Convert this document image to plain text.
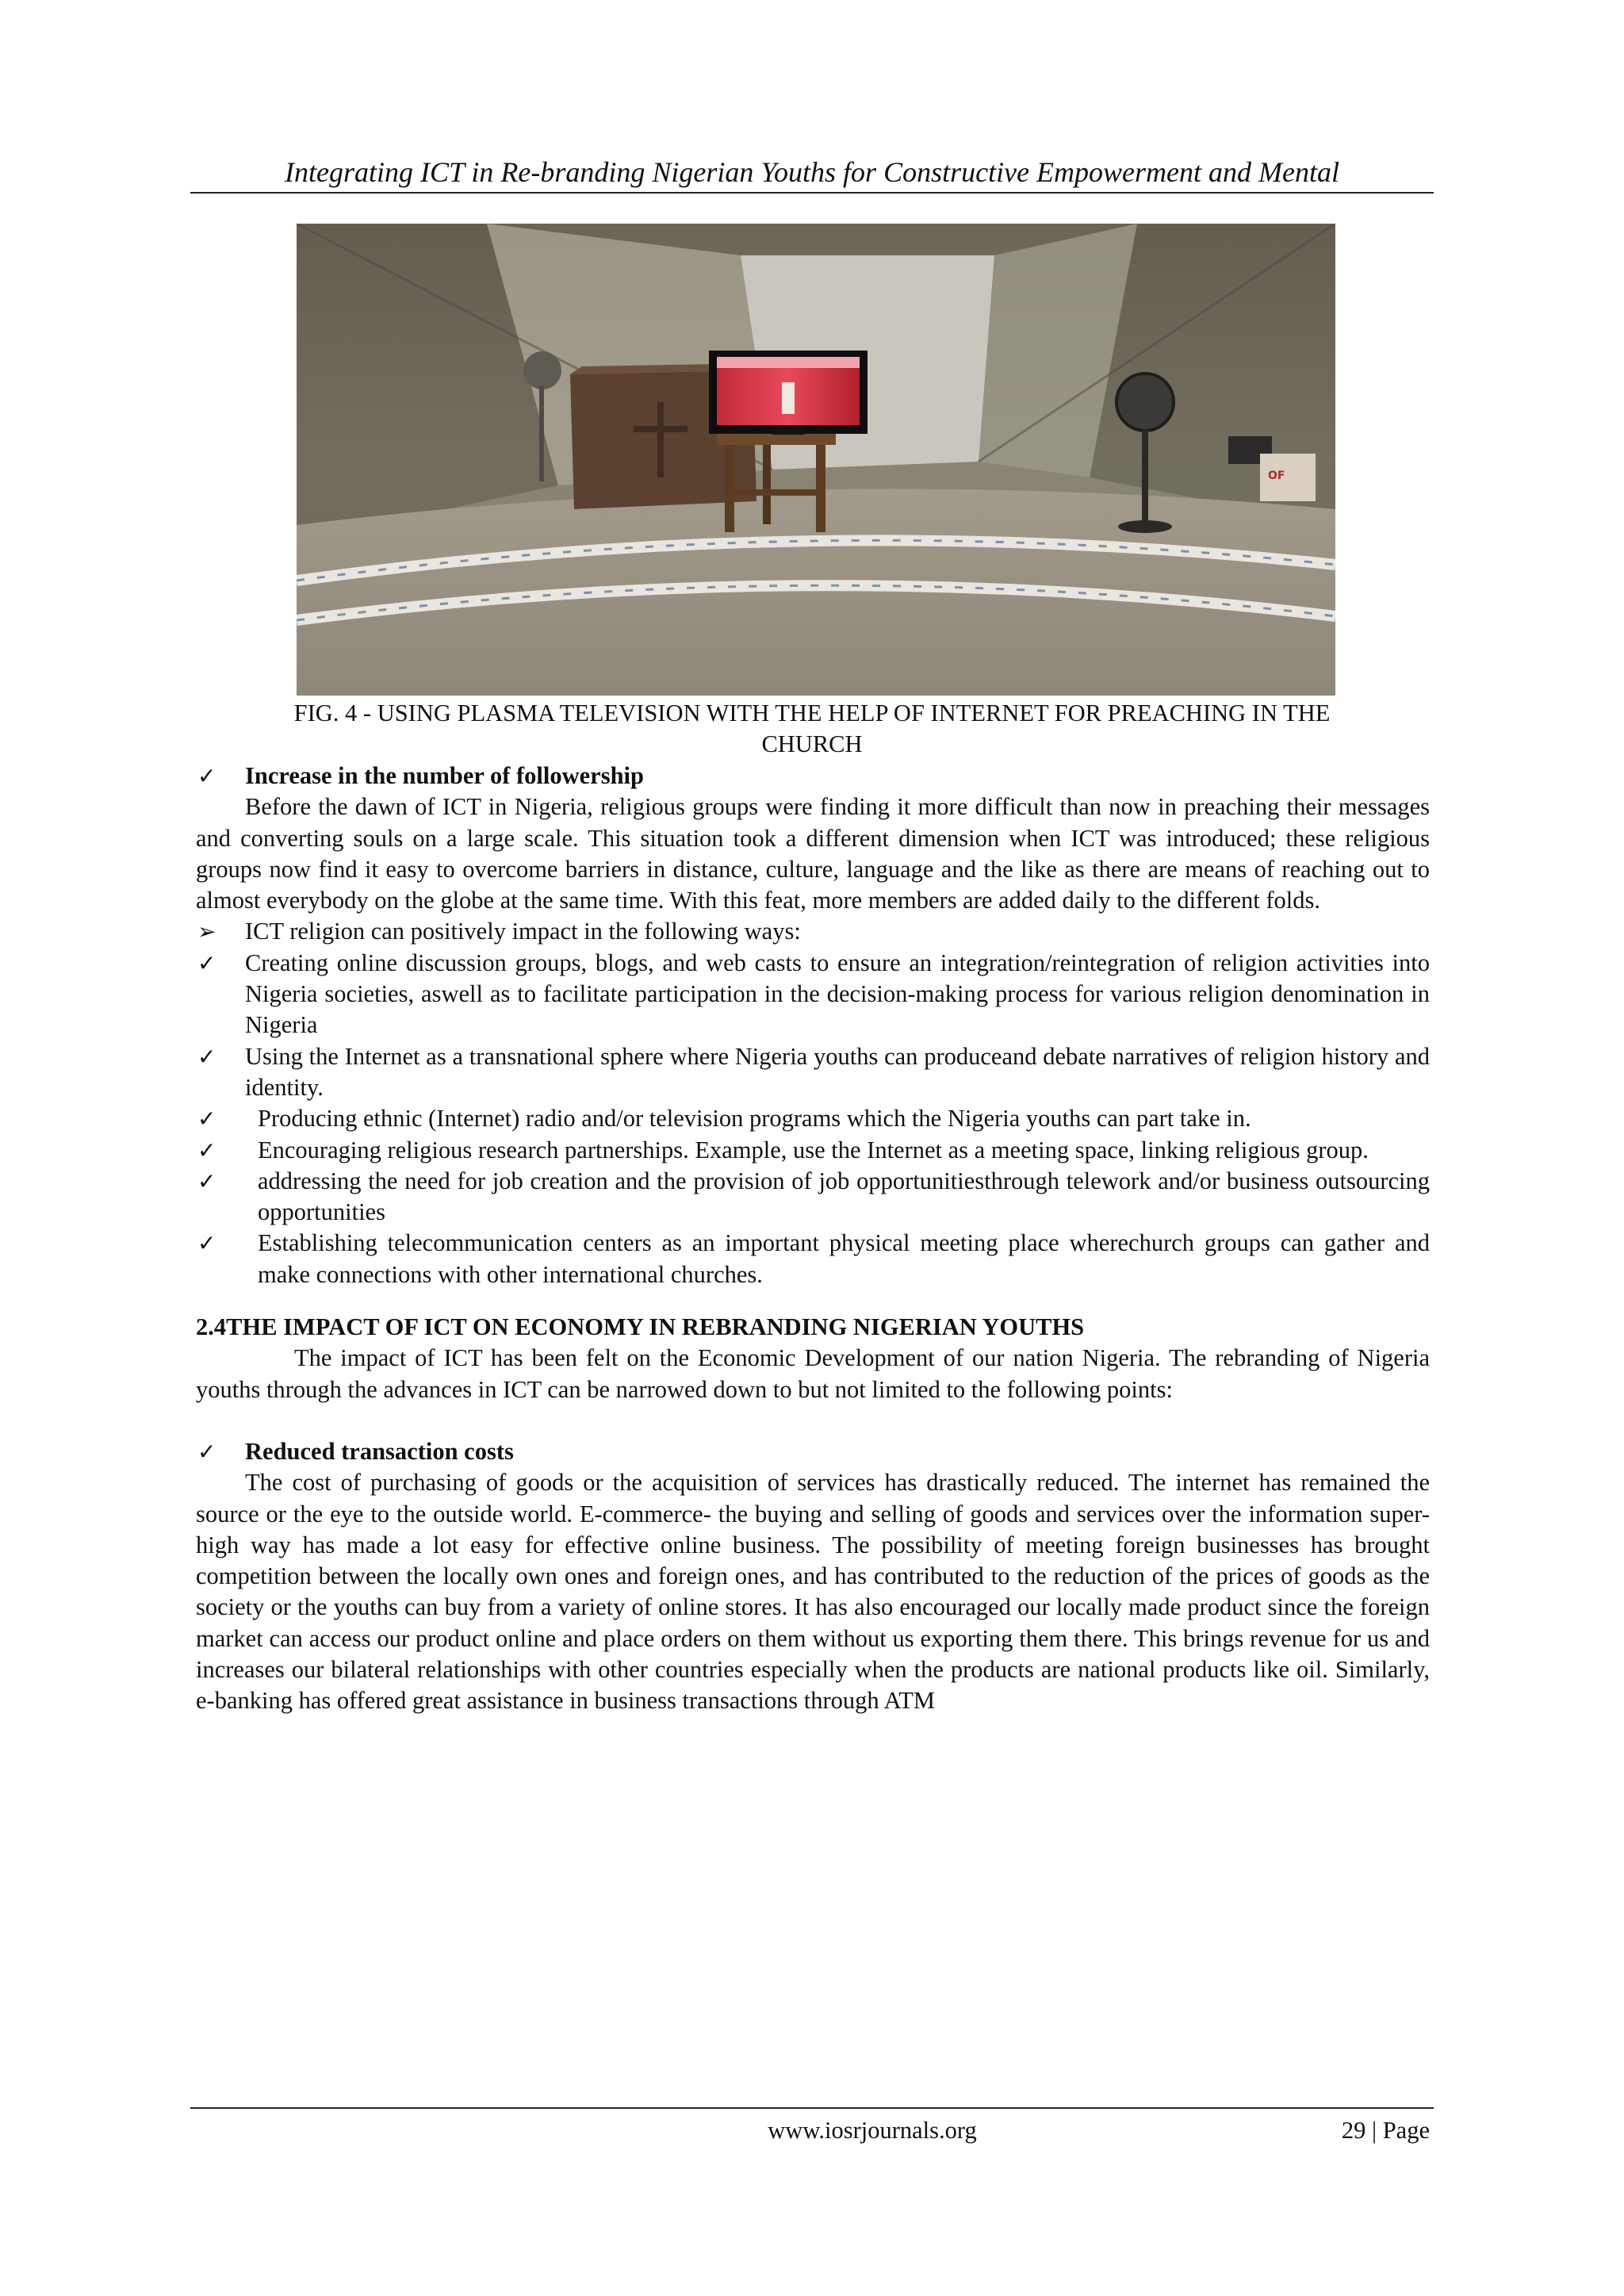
Integrating ICT in Re-branding Nigerian Youths for Constructive Empowerment and Mental
OF
FIG. 4 - USING PLASMA TELEVISION WITH THE HELP OF INTERNET FOR PREACHING IN THE
CHURCH
✓ Increase in the number of followership
Before the dawn of ICT in Nigeria, religious groups were finding it more difficult than now in preaching their messages and converting souls on a large scale. This situation took a different dimension when ICT was introduced; these religious groups now find it easy to overcome barriers in distance, culture, language and the like as there are means of reaching out to almost everybody on the globe at the same time. With this feat, more members are added daily to the different folds.
➢ ICT religion can positively impact in the following ways:
✓ Creating online discussion groups, blogs, and web casts to ensure an integration/reintegration of religion activities into Nigeria societies, aswell as to facilitate participation in the decision-making process for various religion denomination in Nigeria
✓ Using the Internet as a transnational sphere where Nigeria youths can produceand debate narratives of religion history and identity.
✓ Producing ethnic (Internet) radio and/or television programs which the Nigeria youths can part take in.
✓ Encouraging religious research partnerships. Example, use the Internet as a meeting space, linking religious group.
✓ addressing the need for job creation and the provision of job opportunitiesthrough telework and/or business outsourcing opportunities
✓ Establishing telecommunication centers as an important physical meeting place wherechurch groups can gather and make connections with other international churches.
2.4THE IMPACT OF ICT ON ECONOMY IN REBRANDING NIGERIAN YOUTHS
The impact of ICT has been felt on the Economic Development of our nation Nigeria. The rebranding of Nigeria youths through the advances in ICT can be narrowed down to but not limited to the following points:
✓ Reduced transaction costs
The cost of purchasing of goods or the acquisition of services has drastically reduced. The internet has remained the source or the eye to the outside world. E-commerce- the buying and selling of goods and services over the information super-high way has made a lot easy for effective online business. The possibility of meeting foreign businesses has brought competition between the locally own ones and foreign ones, and has contributed to the reduction of the prices of goods as the society or the youths can buy from a variety of online stores. It has also encouraged our locally made product since the foreign market can access our product online and place orders on them without us exporting them there. This brings revenue for us and increases our bilateral relationships with other countries especially when the products are national products like oil. Similarly, e-banking has offered great assistance in business transactions through ATM
www.iosrjournals.org	29 | Page
